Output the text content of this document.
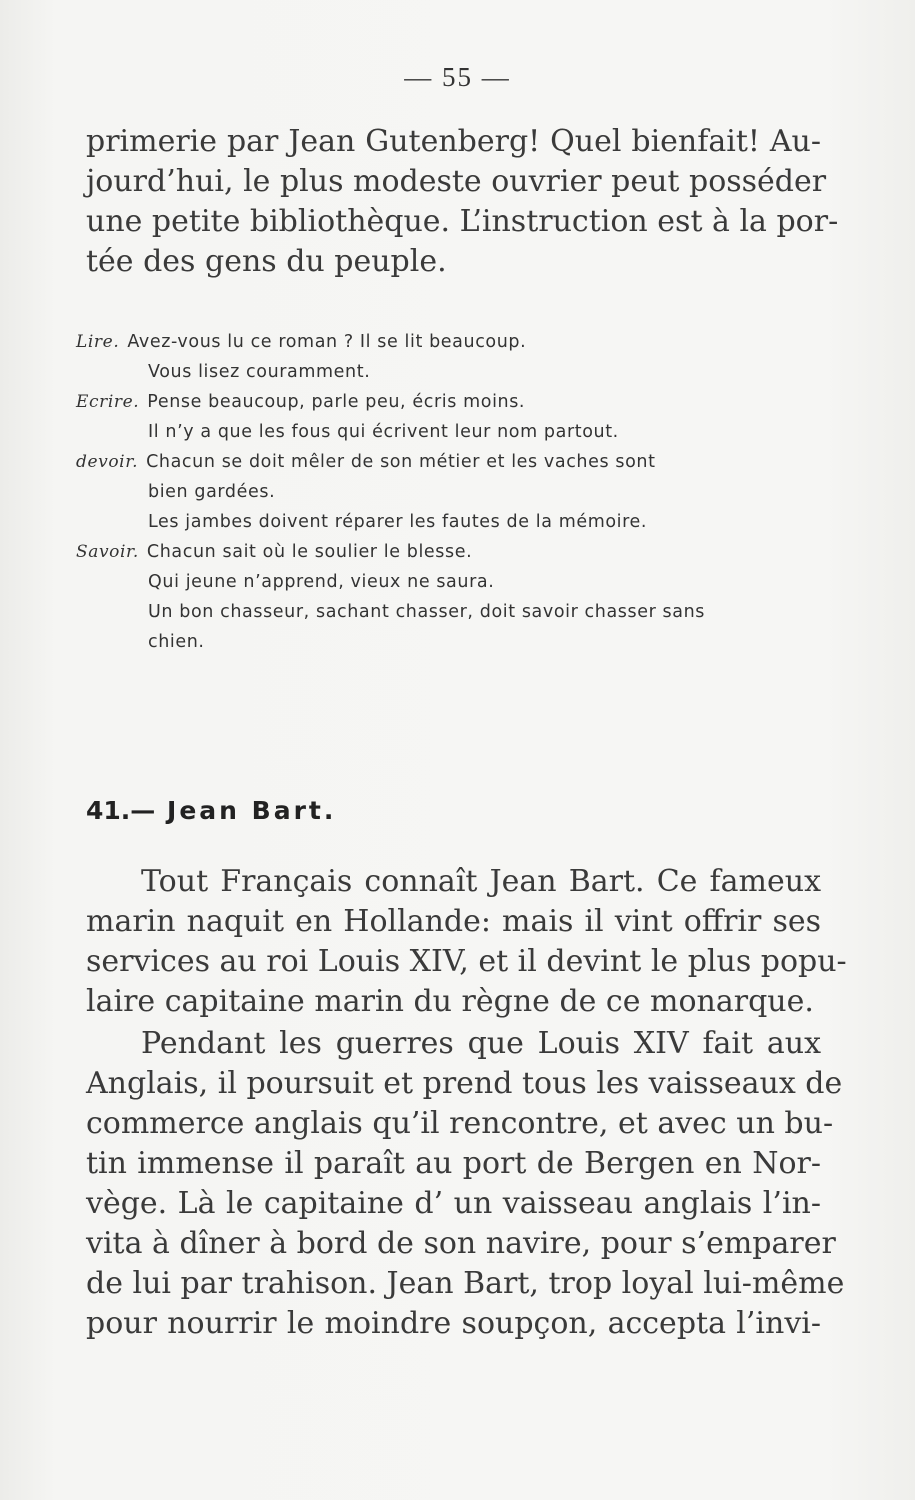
— 55 —
primerie par Jean Gutenberg! Quel bienfait! Au-
jourd’hui, le plus modeste ouvrier peut posséder
une petite bibliothèque. L’instruction est à la por-
tée des gens du peuple.
Lire. Avez-vous lu ce roman ? Il se lit beaucoup.
Vous lisez couramment.
Ecrire. Pense beaucoup, parle peu, écris moins.
Il n’y a que les fous qui écrivent leur nom partout.
devoir. Chacun se doit mêler de son métier et les vaches sont
bien gardées.
Les jambes doivent réparer les fautes de la mémoire.
Savoir. Chacun sait où le soulier le blesse.
Qui jeune n’apprend, vieux ne saura.
Un bon chasseur, sachant chasser, doit savoir chasser sans
chien.
41.— Jean Bart.
Tout Français connaît Jean Bart. Ce fameux
marin naquit en Hollande: mais il vint offrir ses
services au roi Louis XIV, et il devint le plus popu-
laire capitaine marin du règne de ce monarque.
Pendant les guerres que Louis XIV fait aux
Anglais, il poursuit et prend tous les vaisseaux de
commerce anglais qu’il rencontre, et avec un bu-
tin immense il paraît au port de Bergen en Nor-
vège. Là le capitaine d’ un vaisseau anglais l’in-
vita à dîner à bord de son navire, pour s’emparer
de lui par trahison. Jean Bart, trop loyal lui-même
pour nourrir le moindre soupçon, accepta l’invi-
